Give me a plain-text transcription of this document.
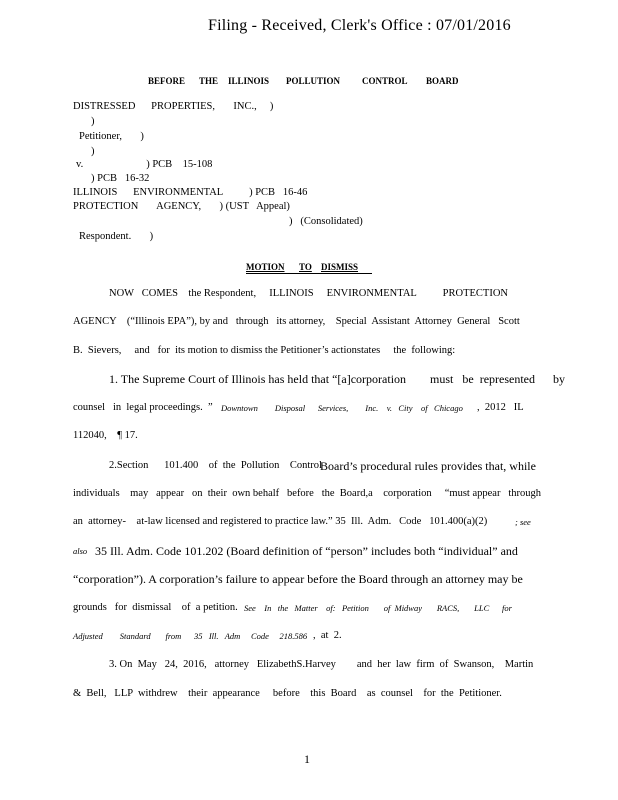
Filing - Received, Clerk's Office : 07/01/2016
BEFORE THE ILLINOIS POLLUTION CONTROL BOARD
DISTRESSED      PROPERTIES,       INC.,     )
)
Petitioner,       )
)
v.                        ) PCB    15-108
) PCB   16-32
ILLINOIS      ENVIRONMENTAL          ) PCB   16-46
PROTECTION       AGENCY,       ) (UST   Appeal)
)   (Consolidated)
Respondent.       )
MOTION TO DISMISS
NOW   COMES    the Respondent,     ILLINOIS     ENVIRONMENTAL          PROTECTION
AGENCY    (“Illinois EPA”), by and   through   its attorney,    Special  Assistant  Attorney  General   Scott
B.  Sievers,     and   for  its motion to dismiss the Petitioner’s actionstates     the  following:
1. The Supreme Court of Illinois has held that “[a]corporation        must   be  represented      by
counsel   in  legal proceedings.  ” Downtown        Disposal      Services,        Inc.    v.   City    of   Chicago ,  2012   IL
112040,    ¶ 17.
2.Section      101.400    of  the  Pollution    Control
Board’s procedural rules provides that, while
individuals    may   appear   on  their  own behalf   before   the  Board,a    corporation     “must appear   through
an  attorney-    at-law licensed and registered to practice law.” 35  Ill.  Adm.   Code   101.400(a)(2)	; see
also 35 Ill. Adm. Code 101.202 (Board definition of “person” includes both “individual” and
“corporation”). A corporation’s failure to appear before the Board through an attorney may be
grounds   for  dismissal    of  a petition. See    In   the   Matter    of:   Petition       of  Midway       RACS,       LLC      for
Adjusted        Standard       from      35   Ill.   Adm     Code     218.586 ,  at  2.
3. On  May   24,  2016,   attorney   ElizabethS.Harvey        and  her  law  firm  of  Swanson,    Martin
&  Bell,   LLP  withdrew    their  appearance     before    this  Board    as  counsel    for  the  Petitioner.
1
